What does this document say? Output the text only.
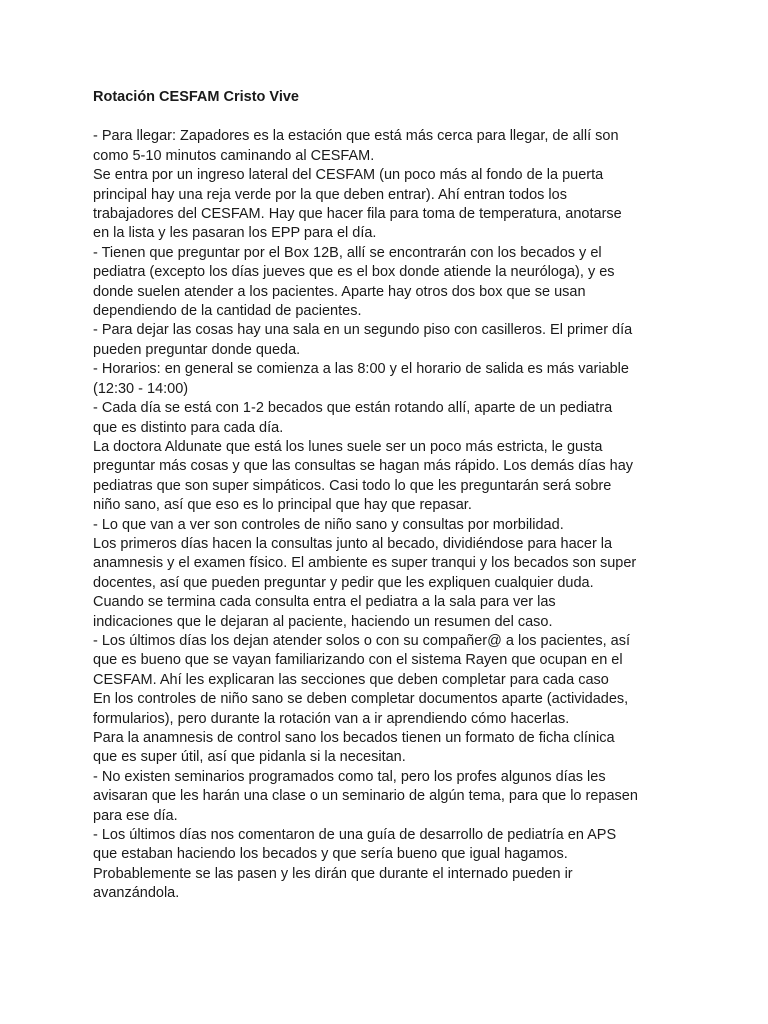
Rotación CESFAM Cristo Vive
- Para llegar: Zapadores es la estación que está más cerca para llegar, de allí son
como 5-10 minutos caminando al CESFAM.
Se entra por un ingreso lateral del CESFAM (un poco más al fondo de la puerta
principal hay una reja verde por la que deben entrar). Ahí entran todos los
trabajadores del CESFAM. Hay que hacer fila para toma de temperatura, anotarse
en la lista y les pasaran los EPP para el día.
- Tienen que preguntar por el Box 12B, allí se encontrarán con los becados y el
pediatra (excepto los días jueves que es el box donde atiende la neuróloga), y es
donde suelen atender a los pacientes. Aparte hay otros dos box que se usan
dependiendo de la cantidad de pacientes.
- Para dejar las cosas hay una sala en un segundo piso con casilleros. El primer día
pueden preguntar donde queda.
- Horarios: en general se comienza a las 8:00 y el horario de salida es más variable
(12:30 - 14:00)
- Cada día se está con 1-2 becados que están rotando allí, aparte de un pediatra
que es distinto para cada día.
La doctora Aldunate que está los lunes suele ser un poco más estricta, le gusta
preguntar más cosas y que las consultas se hagan más rápido. Los demás días hay
pediatras que son super simpáticos. Casi todo lo que les preguntarán será sobre
niño sano, así que eso es lo principal que hay que repasar.
- Lo que van a ver son controles de niño sano y consultas por morbilidad.
Los primeros días hacen la consultas junto al becado, dividiéndose para hacer la
anamnesis y el examen físico. El ambiente es super tranqui y los becados son super
docentes, así que pueden preguntar y pedir que les expliquen cualquier duda.
Cuando se termina cada consulta entra el pediatra a la sala para ver las
indicaciones que le dejaran al paciente, haciendo un resumen del caso.
- Los últimos días los dejan atender solos o con su compañer@ a los pacientes, así
que es bueno que se vayan familiarizando con el sistema Rayen que ocupan en el
CESFAM. Ahí les explicaran las secciones que deben completar para cada caso
En los controles de niño sano se deben completar documentos aparte (actividades,
formularios), pero durante la rotación van a ir aprendiendo cómo hacerlas.
Para la anamnesis de control sano los becados tienen un formato de ficha clínica
que es super útil, así que pidanla si la necesitan.
- No existen seminarios programados como tal, pero los profes algunos días les
avisaran que les harán una clase o un seminario de algún tema, para que lo repasen
para ese día.
- Los últimos días nos comentaron de una guía de desarrollo de pediatría en APS
que estaban haciendo los becados y que sería bueno que igual hagamos.
Probablemente se las pasen y les dirán que durante el internado pueden ir
avanzándola.
